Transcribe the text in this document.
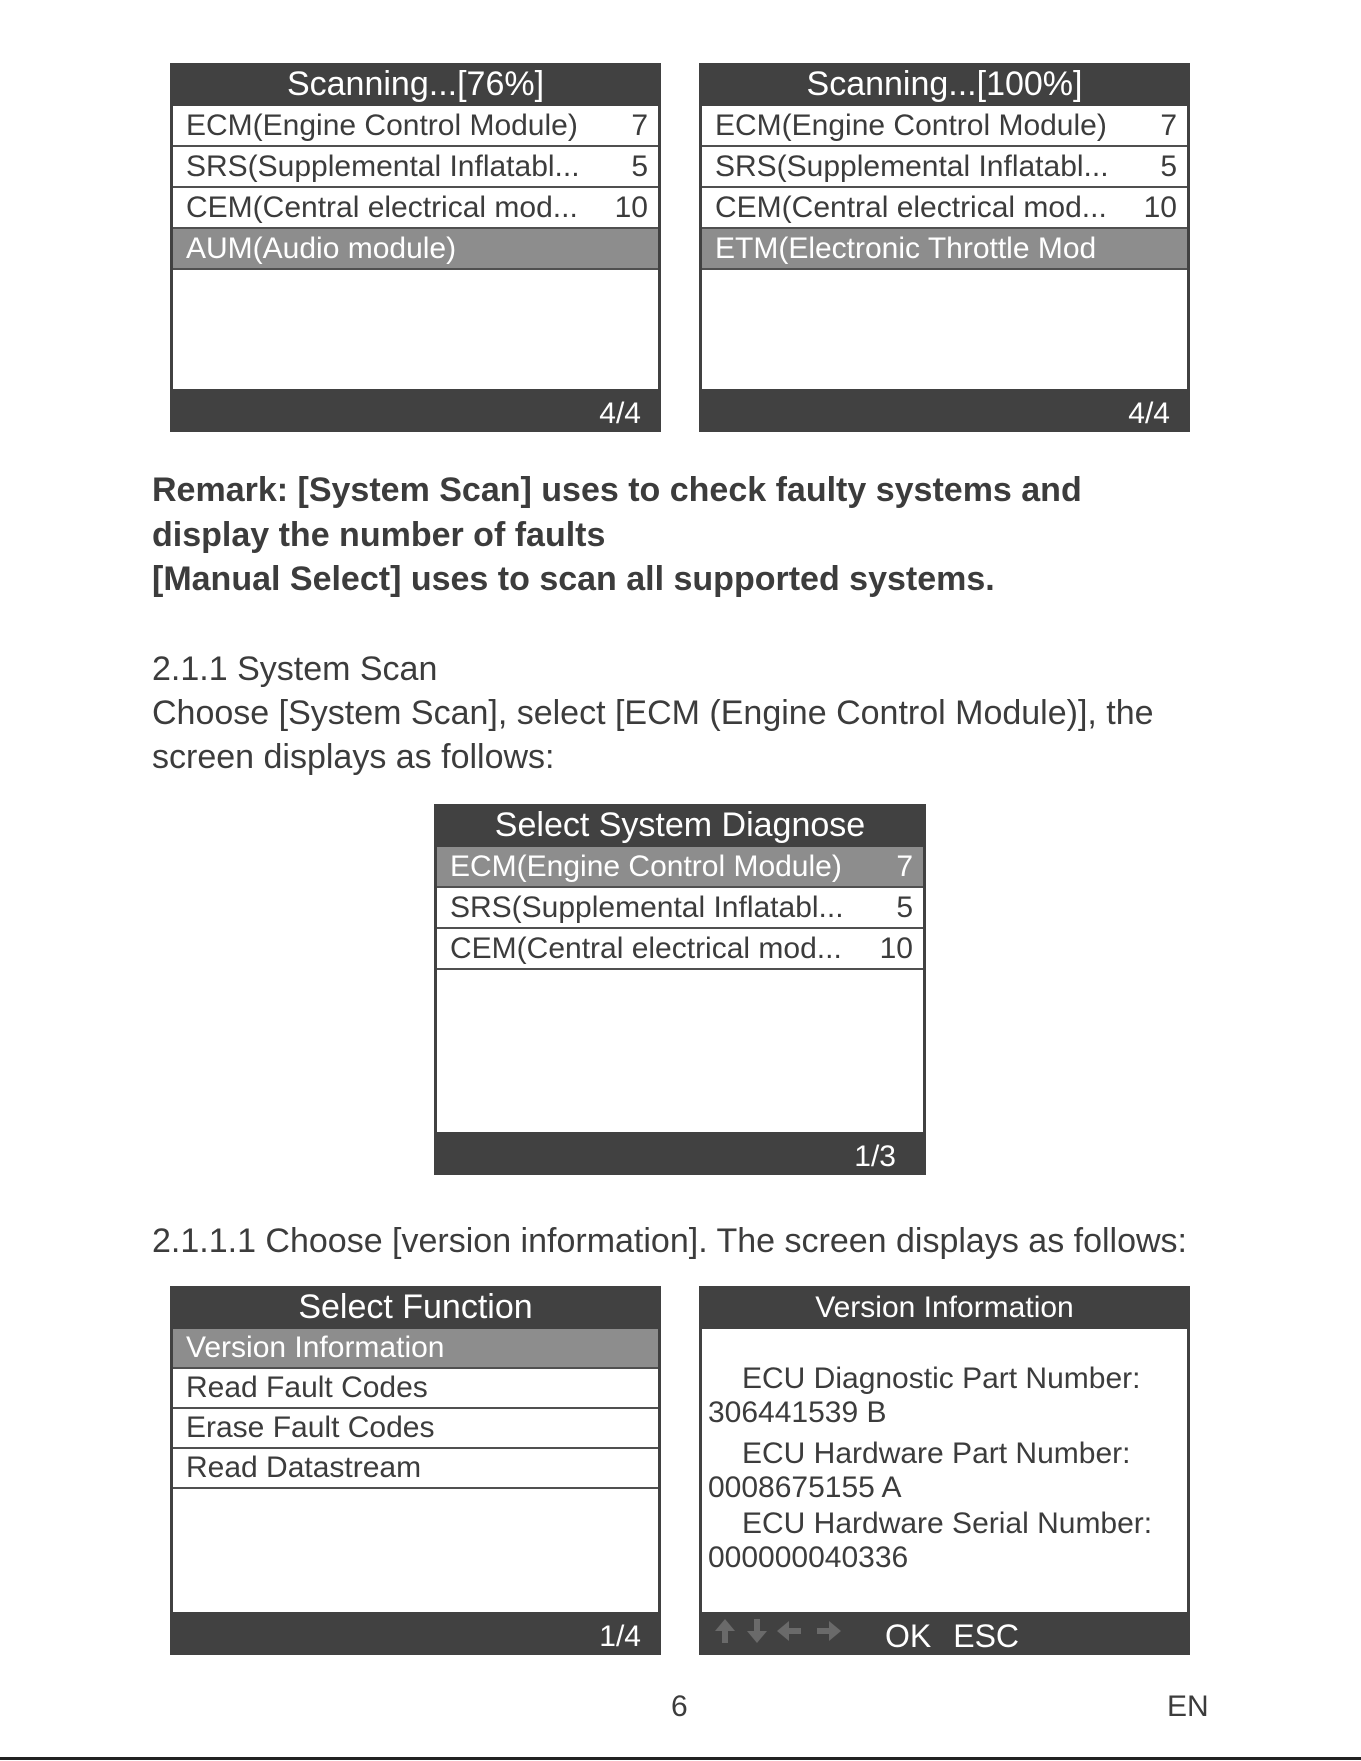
Scanning...[76%]
ECM(Engine Control Module) 7
SRS(Supplemental Inflatabl... 5
CEM(Central electrical mod... 10
AUM(Audio module)
4/4
Scanning...[100%]
ECM(Engine Control Module) 7
SRS(Supplemental Inflatabl... 5
CEM(Central electrical mod... 10
ETM(Electronic Throttle Mod
4/4
Remark: [System Scan] uses to check faulty systems and
display the number of faults
[Manual Select] uses to scan all supported systems.
2.1.1 System Scan
Choose [System Scan], select [ECM (Engine Control Module)], the
screen displays as follows:
Select System Diagnose
ECM(Engine Control Module) 7
SRS(Supplemental Inflatabl... 5
CEM(Central electrical mod... 10
1/3
2.1.1.1 Choose [version information]. The screen displays as follows:
Select Function
Version Information
Read Fault Codes
Erase Fault Codes
Read Datastream
1/4
Version Information
ECU Diagnostic Part Number:
306441539 B
ECU Hardware Part Number:
0008675155 A
ECU Hardware Serial Number:
000000040336
OK ESC
6	EN
